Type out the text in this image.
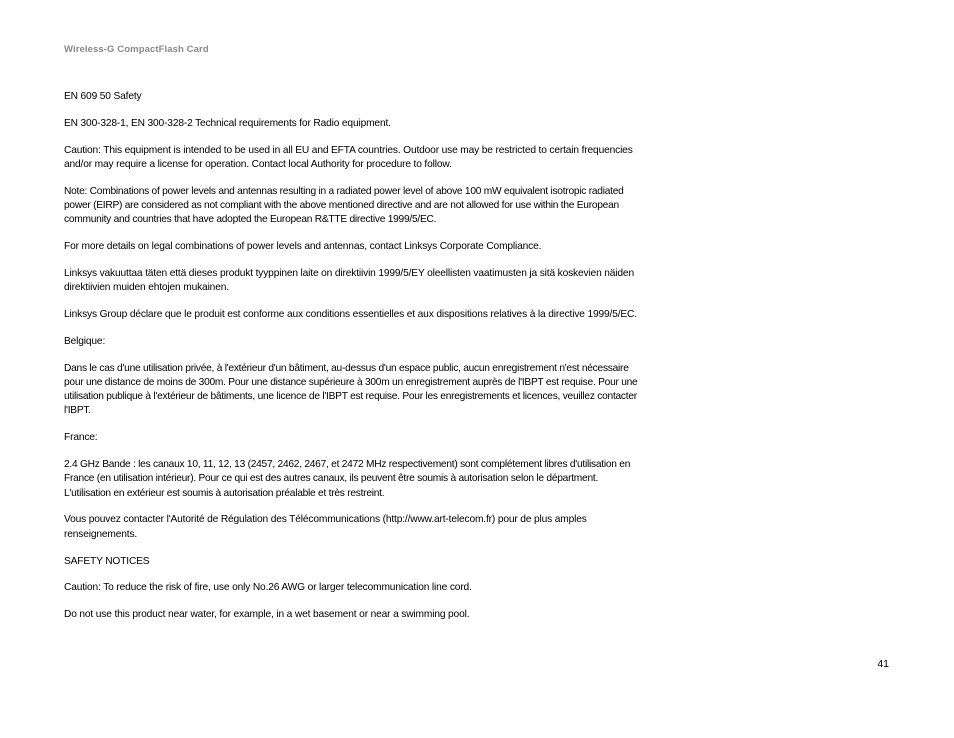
Wireless-G CompactFlash Card

EN 609 50 Safety

EN 300-328-1, EN 300-328-2 Technical requirements for Radio equipment.

Caution: This equipment is intended to be used in all EU and EFTA countries. Outdoor use may be restricted to certain frequencies and/or may require a license for operation. Contact local Authority for procedure to follow.

Note: Combinations of power levels and antennas resulting in a radiated power level of above 100 mW equivalent isotropic radiated power (EIRP) are considered as not compliant with the above mentioned directive and are not allowed for use within the European community and countries that have adopted the European R&TTE directive 1999/5/EC.

For more details on legal combinations of power levels and antennas, contact Linksys Corporate Compliance.

Linksys vakuuttaa täten että dieses produkt tyyppinen laite on direktiivin 1999/5/EY oleellisten vaatimusten ja sitä koskevien näiden direktiivien muiden ehtojen mukainen.

Linksys Group déclare que le produit est conforme aux conditions essentielles et aux dispositions relatives à la directive 1999/5/EC.

Belgique:

Dans le cas d'une utilisation privée, à l'extérieur d'un bâtiment, au-dessus d'un espace public, aucun enregistrement n'est nécessaire pour une distance de moins de 300m. Pour une distance supérieure à 300m un enregistrement auprès de l'IBPT est requise. Pour une utilisation publique à l'extérieur de bâtiments, une licence de l'IBPT est requise. Pour les enregistrements et licences, veuillez contacter l'IBPT.

France:

2.4 GHz Bande : les canaux 10, 11, 12, 13 (2457, 2462, 2467, et 2472 MHz respectivement) sont complétement libres d'utilisation en France (en utilisation intérieur). Pour ce qui est des autres canaux, ils peuvent être soumis à autorisation selon le départment. L'utilisation en extérieur est soumis à autorisation préalable et très restreint.

Vous pouvez contacter l'Autorité de Régulation des Télécommunications (http://www.art-telecom.fr) pour de plus amples renseignements.

SAFETY NOTICES

Caution: To reduce the risk of fire, use only No.26 AWG or larger telecommunication line cord.

Do not use this product near water, for example, in a wet basement or near a swimming pool.

41
